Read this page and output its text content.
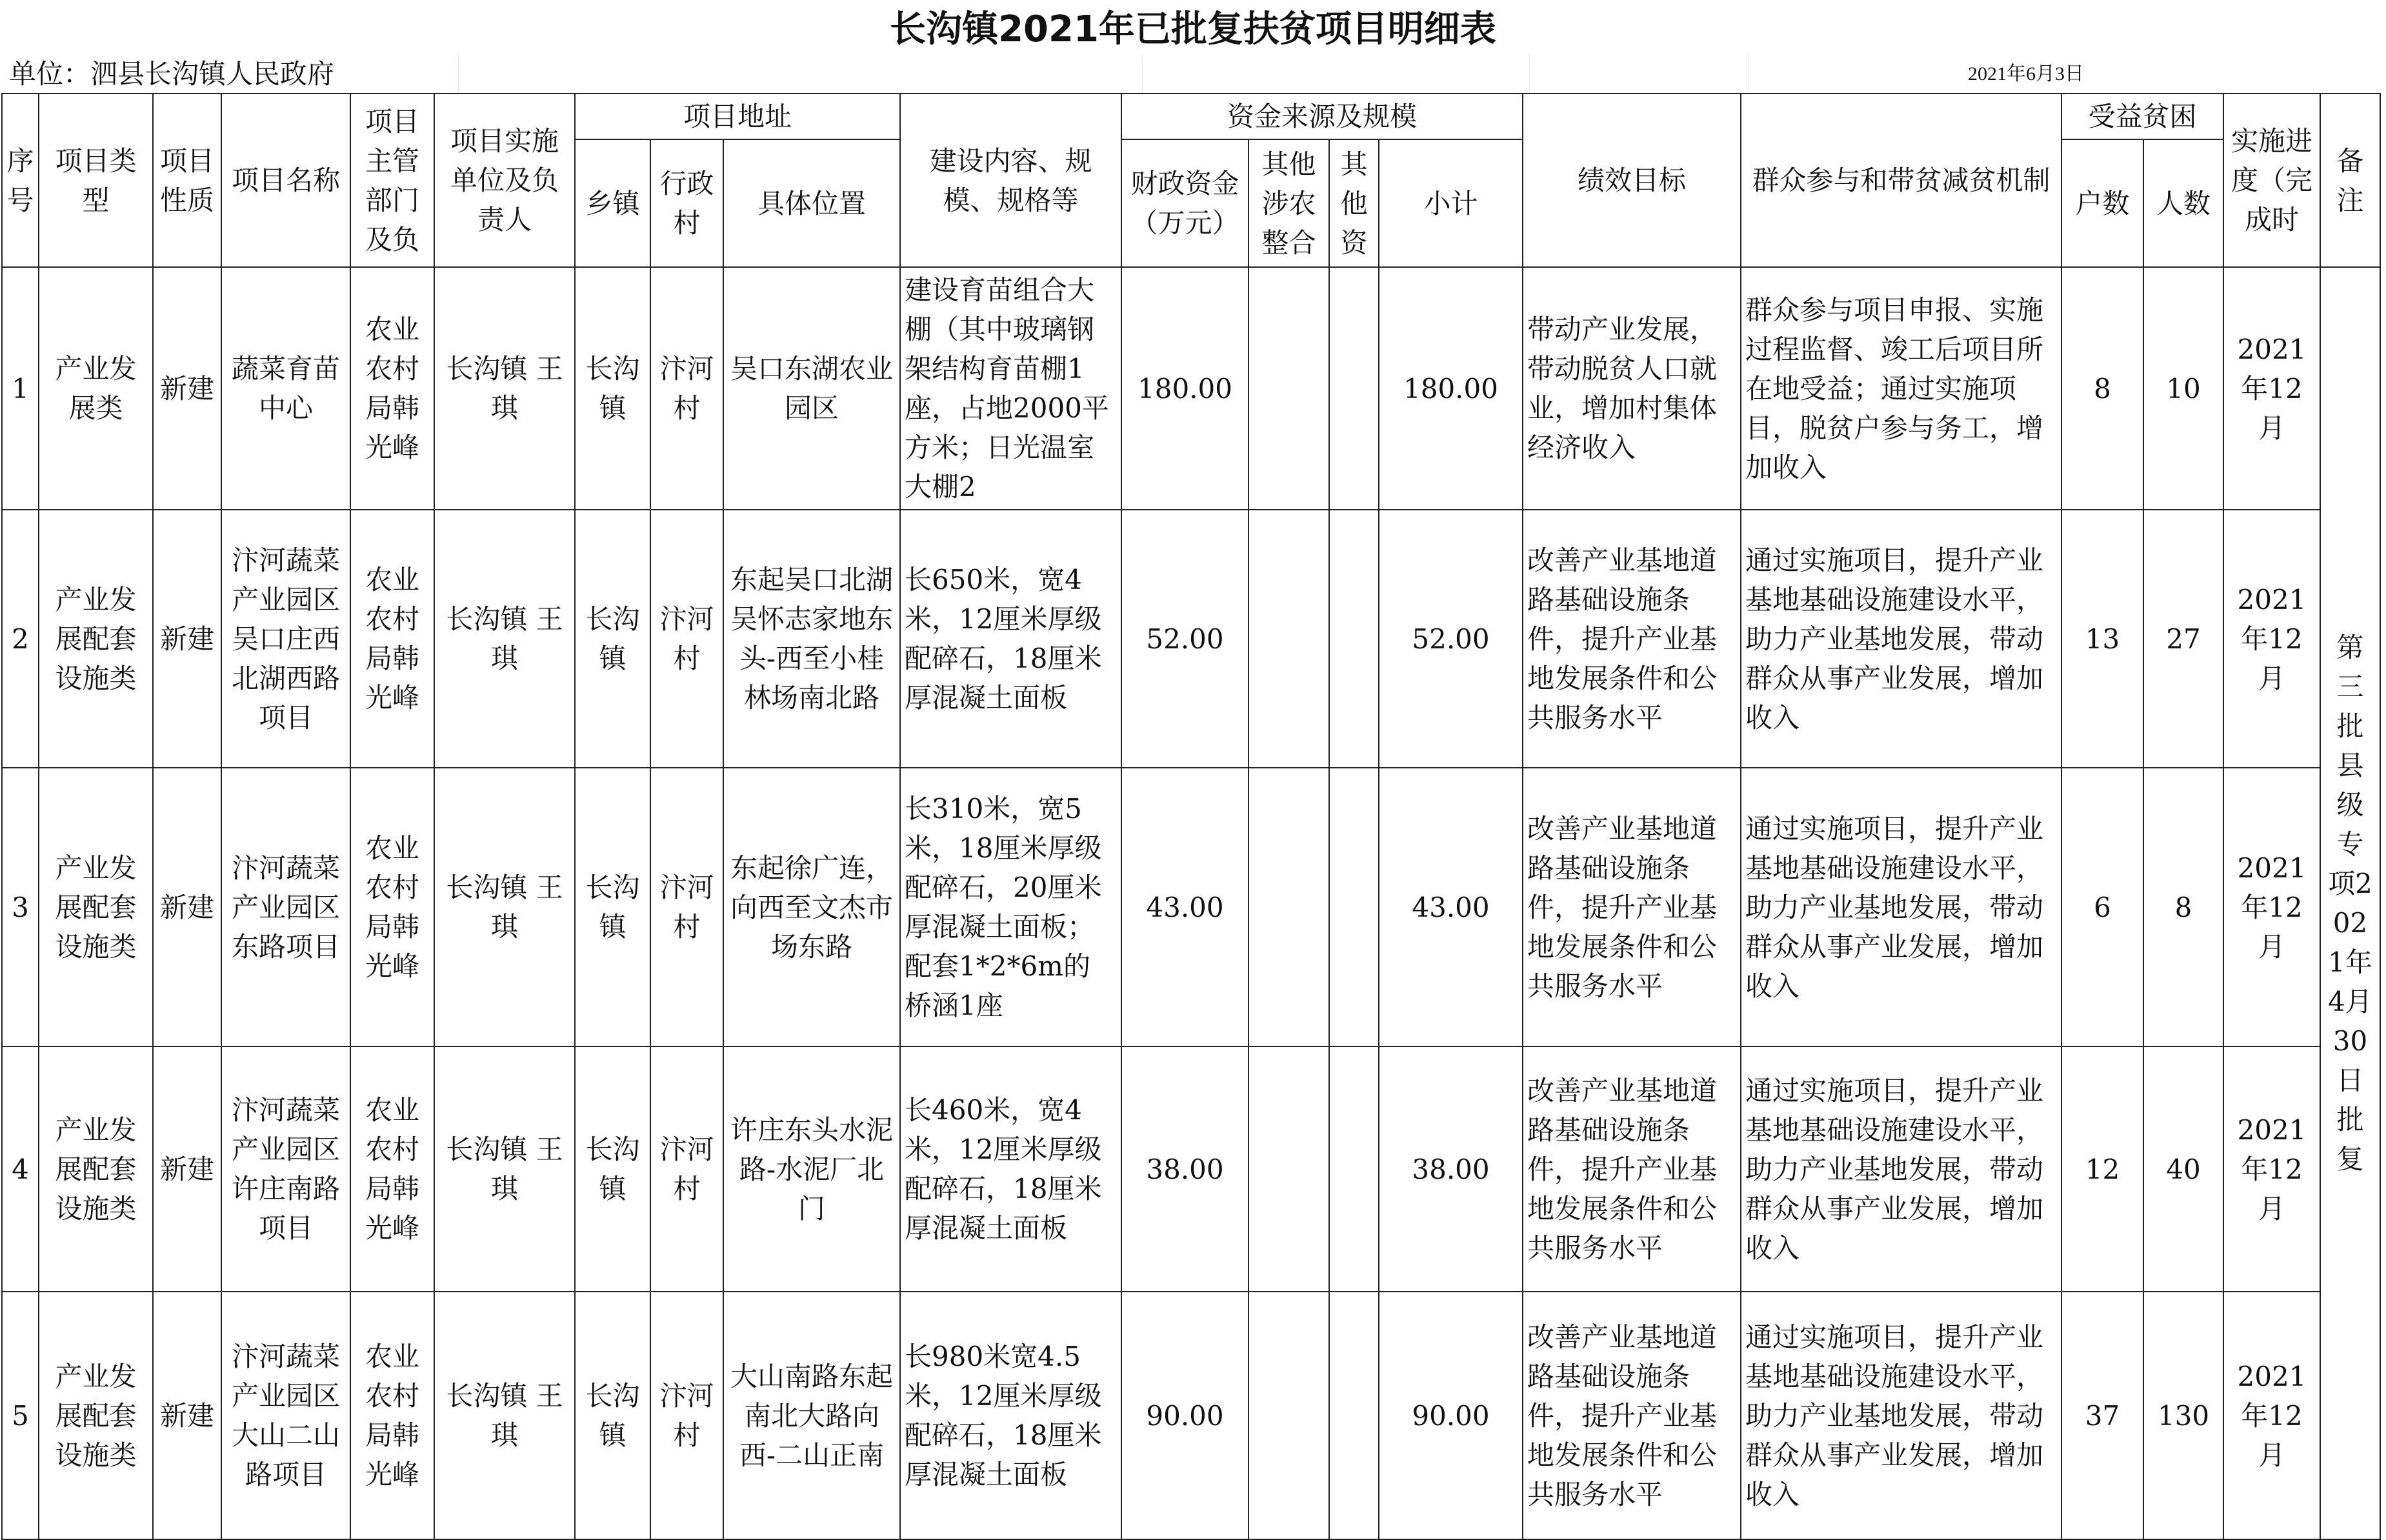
长沟镇2021年已批复扶贫项目明细表
单位：泗县长沟镇人民政府	2021年6月3日
序号	项目类型	项目性质	项目名称	项目主管部门及负	项目实施单位及负责人	项目地址			建设内容、规模、规格等	资金来源及规模				绩效目标	群众参与和带贫减贫机制	受益贫困		实施进度（完成时	备注
						乡镇	行政村	具体位置		财政资金（万元）	其他涉农整合	其他资	小计			户数	人数		
1	产业发展类	新建	蔬菜育苗中心	农业农村局韩光峰	长沟镇 王 琪	长沟镇	汴河村	吴口东湖农业园区	建设育苗组合大棚（其中玻璃钢架结构育苗棚1座，占地2000平方米；日光温室大棚2	180.00			180.00	带动产业发展，带动脱贫人口就业，增加村集体经济收入	群众参与项目申报、实施过程监督、竣工后项目所在地受益；通过实施项目，脱贫户参与务工，增加收入	8	10	2021年12月	第三批县级专项2021年4月30日批复
2	产业发展配套设施类	新建	汴河蔬菜产业园区吴口庄西北湖西路项目	农业农村局韩光峰	长沟镇 王 琪	长沟镇	汴河村	东起吴口北湖吴怀志家地东头-西至小桂林场南北路	长650米，宽4米，12厘米厚级配碎石，18厘米厚混凝土面板	52.00			52.00	改善产业基地道路基础设施条件，提升产业基地发展条件和公共服务水平	通过实施项目，提升产业基地基础设施建设水平，助力产业基地发展，带动群众从事产业发展，增加收入	13	27	2021年12月	
3	产业发展配套设施类	新建	汴河蔬菜产业园区东路项目	农业农村局韩光峰	长沟镇 王 琪	长沟镇	汴河村	东起徐广连，向西至文杰市场东路	长310米，宽5米，18厘米厚级配碎石，20厘米厚混凝土面板；配套1*2*6m的桥涵1座	43.00			43.00	改善产业基地道路基础设施条件，提升产业基地发展条件和公共服务水平	通过实施项目，提升产业基地基础设施建设水平，助力产业基地发展，带动群众从事产业发展，增加收入	6	8	2021年12月	
4	产业发展配套设施类	新建	汴河蔬菜产业园区许庄南路项目	农业农村局韩光峰	长沟镇 王 琪	长沟镇	汴河村	许庄东头水泥路-水泥厂北门	长460米，宽4米，12厘米厚级配碎石，18厘米厚混凝土面板	38.00			38.00	改善产业基地道路基础设施条件，提升产业基地发展条件和公共服务水平	通过实施项目，提升产业基地基础设施建设水平，助力产业基地发展，带动群众从事产业发展，增加收入	12	40	2021年12月	
5	产业发展配套设施类	新建	汴河蔬菜产业园区大山二山路项目	农业农村局韩光峰	长沟镇 王 琪	长沟镇	汴河村	大山南路东起南北大路向西-二山正南	长980米宽4.5米，12厘米厚级配碎石，18厘米厚混凝土面板	90.00			90.00	改善产业基地道路基础设施条件，提升产业基地发展条件和公共服务水平	通过实施项目，提升产业基地基础设施建设水平，助力产业基地发展，带动群众从事产业发展，增加收入	37	130	2021年12月	
